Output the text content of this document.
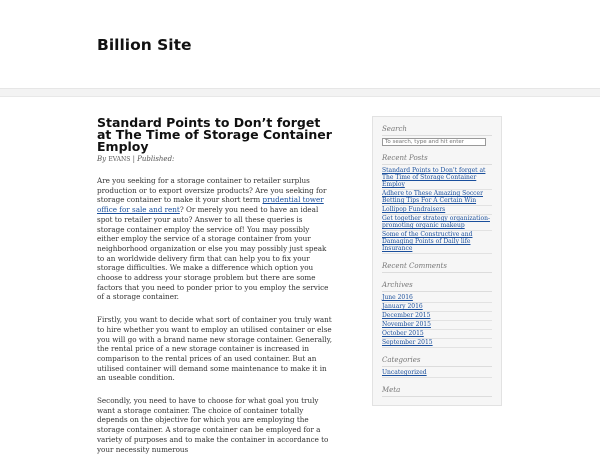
Billion Site
Standard Points to Don’t forget at The Time of Storage Container Employ
By EVANS | Published:

Are you seeking for a storage container to retailer surplus production or to export oversize products? Are you seeking for storage container to make it your short term prudential tower office for sale and rent? Or merely you need to have an ideal spot to retailer your auto? Answer to all these queries is storage container employ the service of! You may possibly either employ the service of a storage container from your neighborhood organization or else you may possibly just speak to an worldwide delivery firm that can help you to fix your storage difficulties. We make a difference which option you choose to address your storage problem but there are some factors that you need to ponder prior to you employ the service of a storage container.

Firstly, you want to decide what sort of container you truly want to hire whether you want to employ an utilised container or else you will go with a brand name new storage container. Generally, the rental price of a new storage container is increased in comparison to the rental prices of an used container. But an utilised container will demand some maintenance to make it in an useable condition.

Secondly, you need to have to choose for what goal you truly want a storage container. The choice of container totally depends on the objective for which you are employing the storage container. A storage container can be employed for a variety of purposes and to make the container in accordance to your necessity numerous

Search
To search, type and hit enter
Recent Posts
Standard Points to Don’t forget at The Time of Storage Container Employ
Adhere to These Amazing Soccer Betting Tips For A Certain Win
Lollipop Fundraisers
Get together strategy organization-promoting organic makeup
Some of the Constructive and Damaging Points of Daily life Insurance
Recent Comments
Archives
June 2016
January 2016
December 2015
November 2015
October 2015
September 2015
Categories
Uncategorized
Meta
